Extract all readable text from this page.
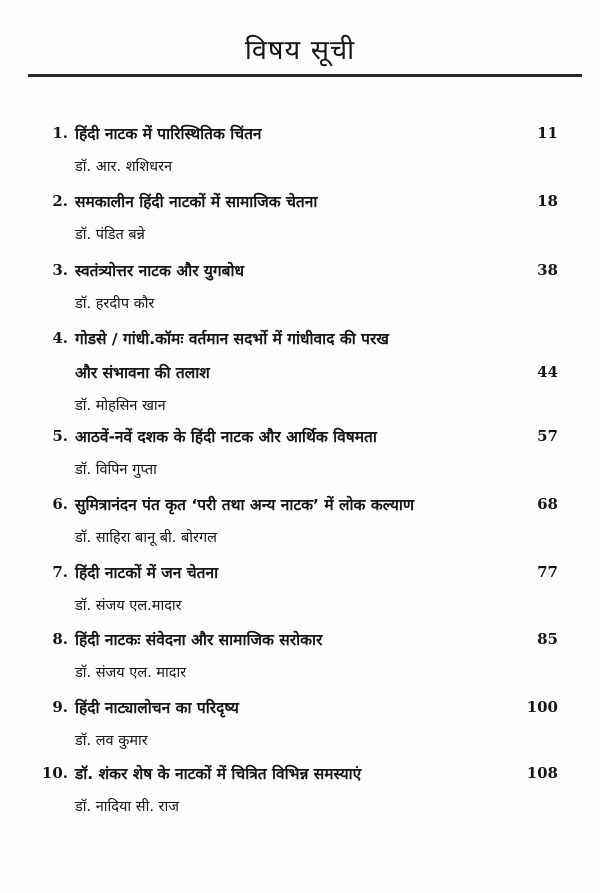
विषय सूची
1. हिंदी नाटक में पारिस्थितिक चिंतन	11
डॉ. आर. शशिधरन
2. समकालीन हिंदी नाटकों में सामाजिक चेतना	18
डॉ. पंडित बन्ने
3. स्वतंत्र्योत्तर नाटक और युगबोध	38
डॉ. हरदीप कौर
4. गोडसे / गांधी.कॉमः वर्तमान सदर्भो में गांधीवाद की परख
और संभावना की तलाश	44
डॉ. मोहसिन खान
5. आठवें-नवें दशक के हिंदी नाटक और आर्थिक विषमता	57
डॉ. विपिन गुप्ता
6. सुमित्रानंदन पंत कृत ‘परी तथा अन्य नाटक’ में लोक कल्याण	68
डॉ. साहिरा बानू बी. बोरगल
7. हिंदी नाटकों में जन चेतना	77
डॉ. संजय एल.मादार
8. हिंदी नाटकः संवेदना और सामाजिक सरोकार	85
डॉ. संजय एल. मादार
9. हिंदी नाट्यालोचन का परिदृष्य	100
डॉ. लव कुमार
10. डॉ. शंकर शेष के नाटकों में चित्रित विभिन्न समस्याएं	108
डॉ. नादिया सी. राज
